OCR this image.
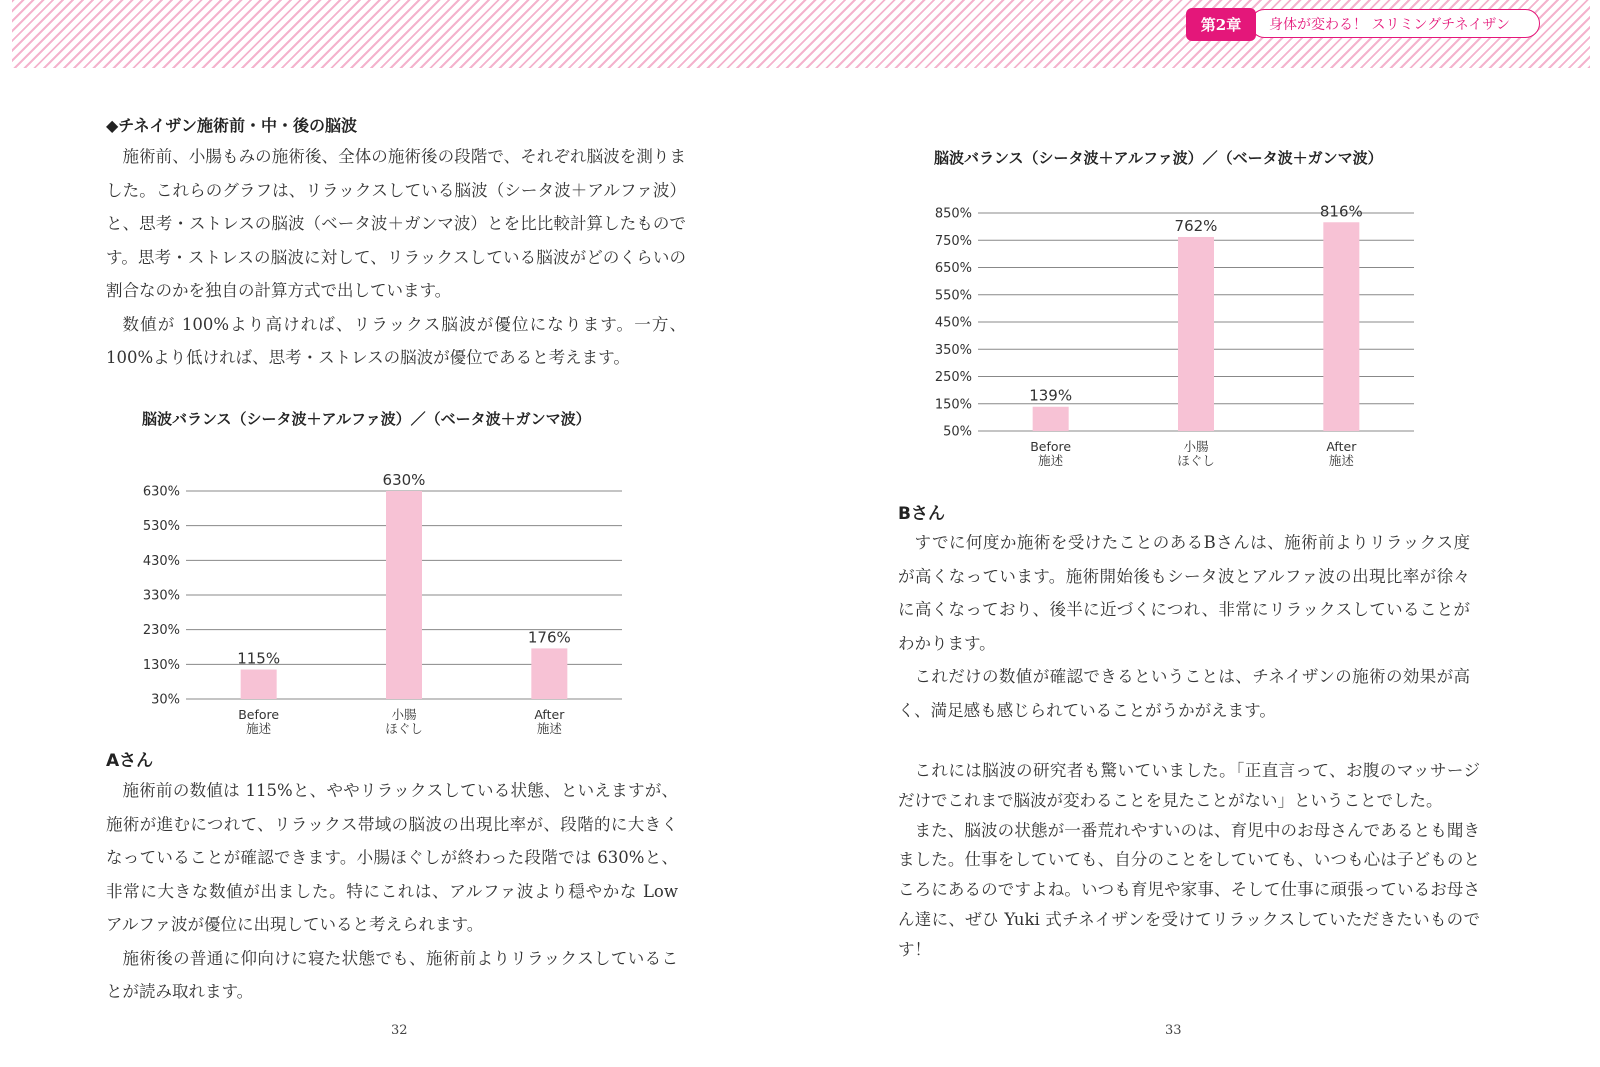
第2章 身体が変わる！ スリミングチネイザン
◆チネイザン施術前・中・後の脳波

施術前、小腸もみの施術後、全体の施術後の段階で、それぞれ脳波を測りました。これらのグラフは、リラックスしている脳波（シータ波＋アルファ波）と、思考・ストレスの脳波（ベータ波＋ガンマ波）とを比比較計算したものです。思考・ストレスの脳波に対して、リラックスしている脳波がどのくらいの割合なのかを独自の計算方式で出しています。

数値が 100%より高ければ、リラックス脳波が優位になります。一方、100%より低ければ、思考・ストレスの脳波が優位であると考えます。

脳波バランス（シータ波＋アルファ波）／（ベータ波＋ガンマ波）
30%
130%
230%
330%
430%
530%
630%
115%
Before
施述
630%
小腸
ほぐし
176%
After
施述
Aさん

施術前の数値は 115%と、ややリラックスしている状態、といえますが、施術が進むにつれて、リラックス帯域の脳波の出現比率が、段階的に大きくなっていることが確認できます。小腸ほぐしが終わった段階では 630%と、非常に大きな数値が出ました。特にこれは、アルファ波より穏やかな Low アルファ波が優位に出現していると考えられます。

施術後の普通に仰向けに寝た状態でも、施術前よりリラックスしていることが読み取れます。

32
脳波バランス（シータ波＋アルファ波）／（ベータ波＋ガンマ波）
50%
150%
250%
350%
450%
550%
650%
750%
850%
139%
Before
施述
762%
小腸
ほぐし
816%
After
施述
Bさん

すでに何度か施術を受けたことのあるBさんは、施術前よりリラックス度が高くなっています。施術開始後もシータ波とアルファ波の出現比率が徐々に高くなっており、後半に近づくにつれ、非常にリラックスしていることがわかります。

これだけの数値が確認できるということは、チネイザンの施術の効果が高く、満足感も感じられていることがうかがえます。

これには脳波の研究者も驚いていました。「正直言って、お腹のマッサージだけでこれまで脳波が変わることを見たことがない」ということでした。

また、脳波の状態が一番荒れやすいのは、育児中のお母さんであるとも聞きました。仕事をしていても、自分のことをしていても、いつも心は子どものところにあるのですよね。いつも育児や家事、そして仕事に頑張っているお母さん達に、ぜひ Yuki 式チネイザンを受けてリラックスしていただきたいものです！

33
